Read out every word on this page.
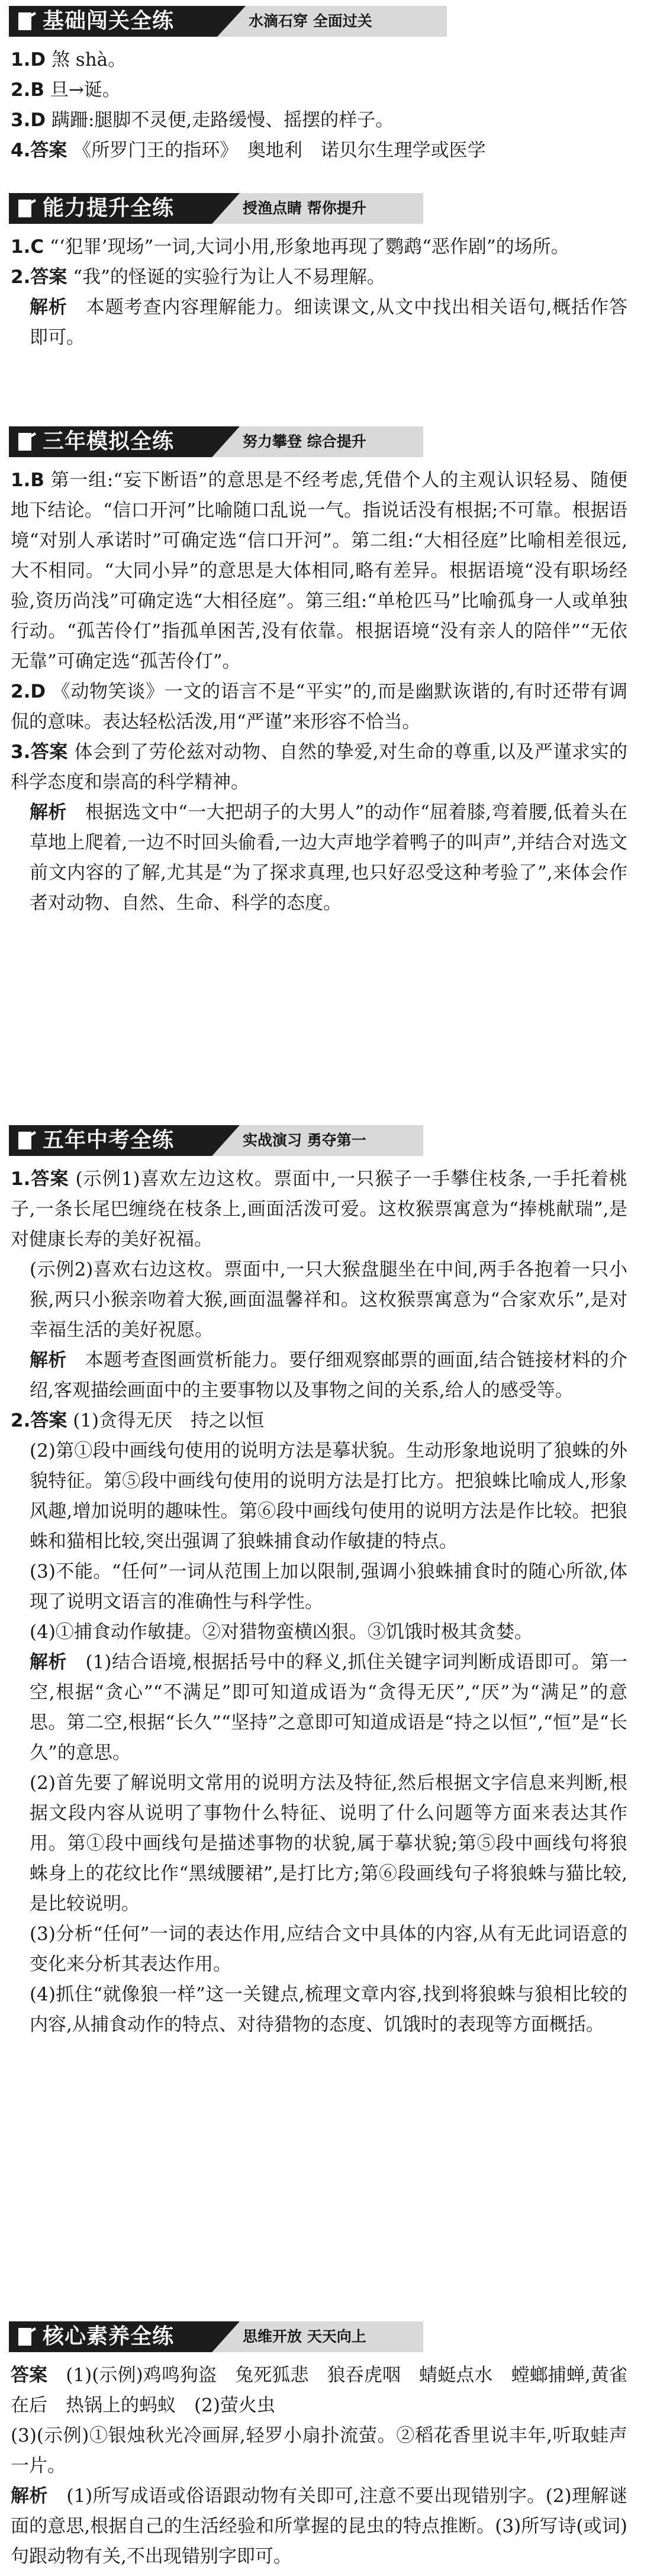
基础闯关全练	水滴石穿 全面过关

1.D 煞 shà。

2.B 旦→诞。

3.D 蹒跚:腿脚不灵便,走路缓慢、摇摆的样子。

4.答案 《所罗门王的指环》　奥地利　诺贝尔生理学或医学

能力提升全练	授渔点睛 帮你提升

1.C “‘犯罪’现场”一词,大词小用,形象地再现了鹦鹉“恶作剧”的场所。

2.答案 “我”的怪诞的实验行为让人不易理解。

解析　 本题考查内容理解能力。细读课文,从文中找出相关语句,概括作答即可。

三年模拟全练	努力攀登 综合提升

1.B 第一组:“妄下断语”的意思是不经考虑,凭借个人的主观认识轻易、随便地下结论。“信口开河”比喻随口乱说一气。指说话没有根据;不可靠。根据语境“对别人承诺时”可确定选“信口开河”。第二组:“大相径庭”比喻相差很远,大不相同。“大同小异”的意思是大体相同,略有差异。根据语境“没有职场经验,资历尚浅”可确定选“大相径庭”。第三组:“单枪匹马”比喻孤身一人或单独行动。“孤苦伶仃”指孤单困苦,没有依靠。根据语境“没有亲人的陪伴”“无依无靠”可确定选“孤苦伶仃”。

2.D 《动物笑谈》一文的语言不是“平实”的,而是幽默诙谐的,有时还带有调侃的意味。表达轻松活泼,用“严谨”来形容不恰当。

3.答案 体会到了劳伦兹对动物、自然的挚爱,对生命的尊重,以及严谨求实的科学态度和崇高的科学精神。

解析　 根据选文中“一大把胡子的大男人”的动作“屈着膝,弯着腰,低着头在草地上爬着,一边不时回头偷看,一边大声地学着鸭子的叫声”,并结合对选文前文内容的了解,尤其是“为了探求真理,也只好忍受这种考验了”,来体会作者对动物、自然、生命、科学的态度。

五年中考全练	实战演习 勇夺第一

1.答案 (示例1)喜欢左边这枚。票面中,一只猴子一手攀住枝条,一手托着桃子,一条长尾巴缠绕在枝条上,画面活泼可爱。这枚猴票寓意为“捧桃献瑞”,是对健康长寿的美好祝福。

(示例2)喜欢右边这枚。票面中,一只大猴盘腿坐在中间,两手各抱着一只小猴,两只小猴亲吻着大猴,画面温馨祥和。这枚猴票寓意为“合家欢乐”,是对幸福生活的美好祝愿。

解析　 本题考查图画赏析能力。要仔细观察邮票的画面,结合链接材料的介绍,客观描绘画面中的主要事物以及事物之间的关系,给人的感受等。

2.答案 (1)贪得无厌　持之以恒

(2)第①段中画线句使用的说明方法是摹状貌。生动形象地说明了狼蛛的外貌特征。第⑤段中画线句使用的说明方法是打比方。把狼蛛比喻成人,形象风趣,增加说明的趣味性。第⑥段中画线句使用的说明方法是作比较。把狼蛛和猫相比较,突出强调了狼蛛捕食动作敏捷的特点。

(3)不能。“任何”一词从范围上加以限制,强调小狼蛛捕食时的随心所欲,体现了说明文语言的准确性与科学性。

(4)①捕食动作敏捷。②对猎物蛮横凶狠。③饥饿时极其贪婪。

解析　 (1)结合语境,根据括号中的释义,抓住关键字词判断成语即可。第一空,根据“贪心”“不满足”即可知道成语为“贪得无厌”,“厌”为“满足”的意思。第二空,根据“长久”“坚持”之意即可知道成语是“持之以恒”,“恒”是“长久”的意思。

(2)首先要了解说明文常用的说明方法及特征,然后根据文字信息来判断,根据文段内容从说明了事物什么特征、说明了什么问题等方面来表达其作用。第①段中画线句是描述事物的状貌,属于摹状貌;第⑤段中画线句将狼蛛身上的花纹比作“黑绒腰裙”,是打比方;第⑥段画线句子将狼蛛与猫比较,是比较说明。

(3)分析“任何”一词的表达作用,应结合文中具体的内容,从有无此词语意的变化来分析其表达作用。

(4)抓住“就像狼一样”这一关键点,梳理文章内容,找到将狼蛛与狼相比较的内容,从捕食动作的特点、对待猎物的态度、饥饿时的表现等方面概括。

核心素养全练	思维开放 天天向上

答案　 (1)(示例)鸡鸣狗盗　兔死狐悲　狼吞虎咽　蜻蜓点水　螳螂捕蝉,黄雀在后　热锅上的蚂蚁　(2)萤火虫

(3)(示例)①银烛秋光冷画屏,轻罗小扇扑流萤。②稻花香里说丰年,听取蛙声一片。

解析　 (1)所写成语或俗语跟动物有关即可,注意不要出现错别字。(2)理解谜面的意思,根据自己的生活经验和所掌握的昆虫的特点推断。(3)所写诗(或词)句跟动物有关,不出现错别字即可。
